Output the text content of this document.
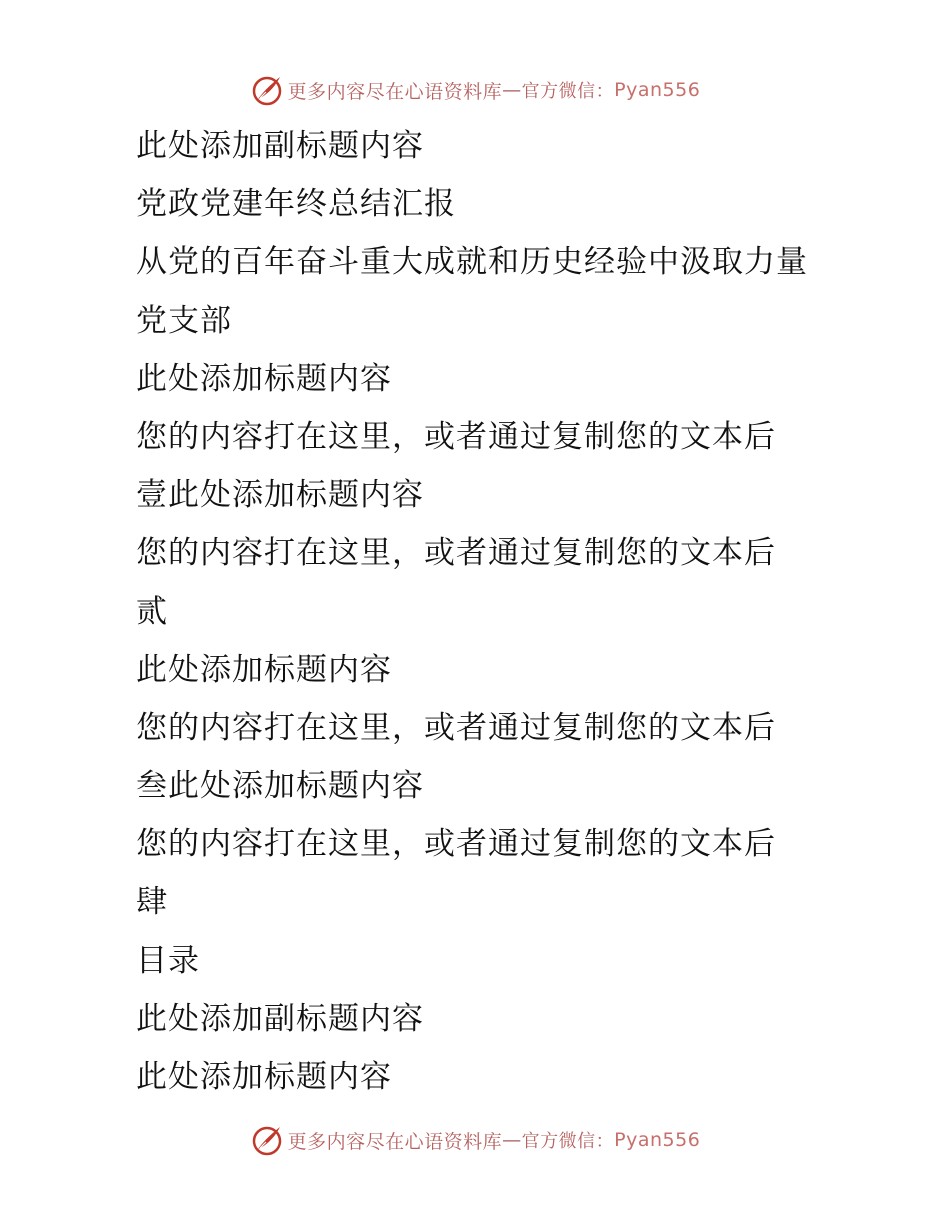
更多内容尽在心语资料库 — 官方微信： Pyan556
此处添加副标题内容
党政党建年终总结汇报
从党的百年奋斗重大成就和历史经验中汲取力量
党支部
此处添加标题内容
您的内容打在这里，或者通过复制您的文本后
壹此处添加标题内容
您的内容打在这里，或者通过复制您的文本后
贰
此处添加标题内容
您的内容打在这里，或者通过复制您的文本后
叁此处添加标题内容
您的内容打在这里，或者通过复制您的文本后
肆
目录
此处添加副标题内容
此处添加标题内容
更多内容尽在心语资料库 — 官方微信： Pyan556
